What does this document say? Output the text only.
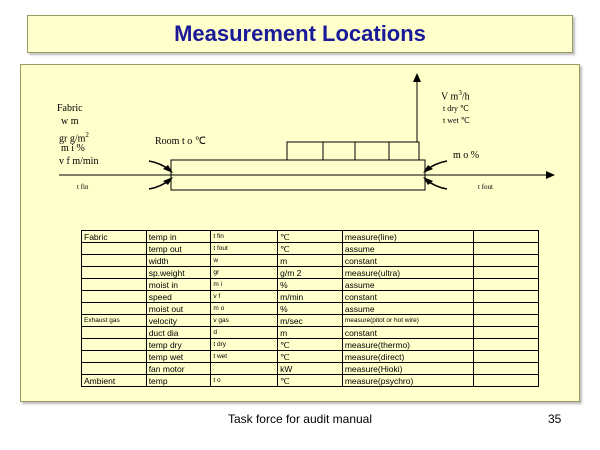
Measurement Locations
Fabric
w m
gr $g/m^2$
m i %
v f m/min
t fin
Room t o ℃
V $m^3/h$
t dry ℃
t wet ℃
m o %
t fout
Fabric	temp in	t fin	℃	measure(line)	
	temp out	t fout	℃	assume	
	width	w	m	constant	
	sp.weight	gr	g/m 2	measure(ultra)	
	moist in	m i	%	assume	
	speed	v f	m/min	constant	
	moist out	m o	%	assume	
Exhaust gas	velocity	v gas	m/sec	measure(pitot or hot wire)	
	duct dia	d	m	constant	
	temp dry	t dry	℃	measure(thermo)	
	temp wet	t wet	℃	measure(direct)	
	fan motor		kW	measure(Hioki)	
Ambient	temp	t o	℃	measure(psychro)	
Task force for audit manual	35
